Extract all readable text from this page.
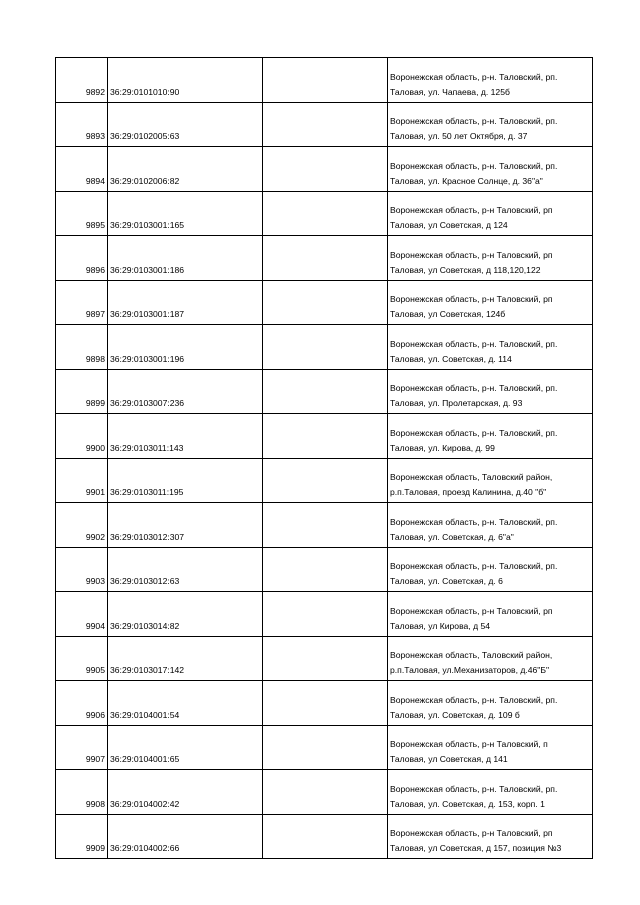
9892	36:29:0101010:90		Воронежская область, р-н. Таловский, рп.
Таловая, ул. Чапаева, д. 125б

9893	36:29:0102005:63		Воронежская область, р-н. Таловский, рп.
Таловая, ул. 50 лет Октября, д. 37

9894	36:29:0102006:82		Воронежская область, р-н. Таловский, рп.
Таловая, ул. Красное Солнце, д. 36"а"

9895	36:29:0103001:165		Воронежская область, р-н Таловский, рп
Таловая, ул Советская, д 124

9896	36:29:0103001:186		Воронежская область, р-н Таловский, рп
Таловая, ул Советская, д 118,120,122

9897	36:29:0103001:187		Воронежская область, р-н Таловский, рп
Таловая, ул Советская, 124б

9898	36:29:0103001:196		Воронежская область, р-н. Таловский, рп.
Таловая, ул. Советская, д. 114

9899	36:29:0103007:236		Воронежская область, р-н. Таловский, рп.
Таловая, ул. Пролетарская, д. 93

9900	36:29:0103011:143		Воронежская область, р-н. Таловский, рп.
Таловая, ул. Кирова, д. 99

9901	36:29:0103011:195		Воронежская область, Таловский район,
р.п.Таловая, проезд Калинина, д.40 "б"

9902	36:29:0103012:307		Воронежская область, р-н. Таловский, рп.
Таловая, ул. Советская, д. 6"а"

9903	36:29:0103012:63		Воронежская область, р-н. Таловский, рп.
Таловая, ул. Советская, д. 6

9904	36:29:0103014:82		Воронежская область, р-н Таловский, рп
Таловая, ул Кирова, д 54

9905	36:29:0103017:142		Воронежская область, Таловский район,
р.п.Таловая, ул.Механизаторов, д.46"Б"

9906	36:29:0104001:54		Воронежская область, р-н. Таловский, рп.
Таловая, ул. Советская, д. 109 б

9907	36:29:0104001:65		Воронежская область, р-н Таловский, п
Таловая, ул Советская, д 141

9908	36:29:0104002:42		Воронежская область, р-н. Таловский, рп.
Таловая, ул. Советская, д. 153, корп. 1

9909	36:29:0104002:66		Воронежская область, р-н Таловский, рп
Таловая, ул Советская, д 157, позиция №3
